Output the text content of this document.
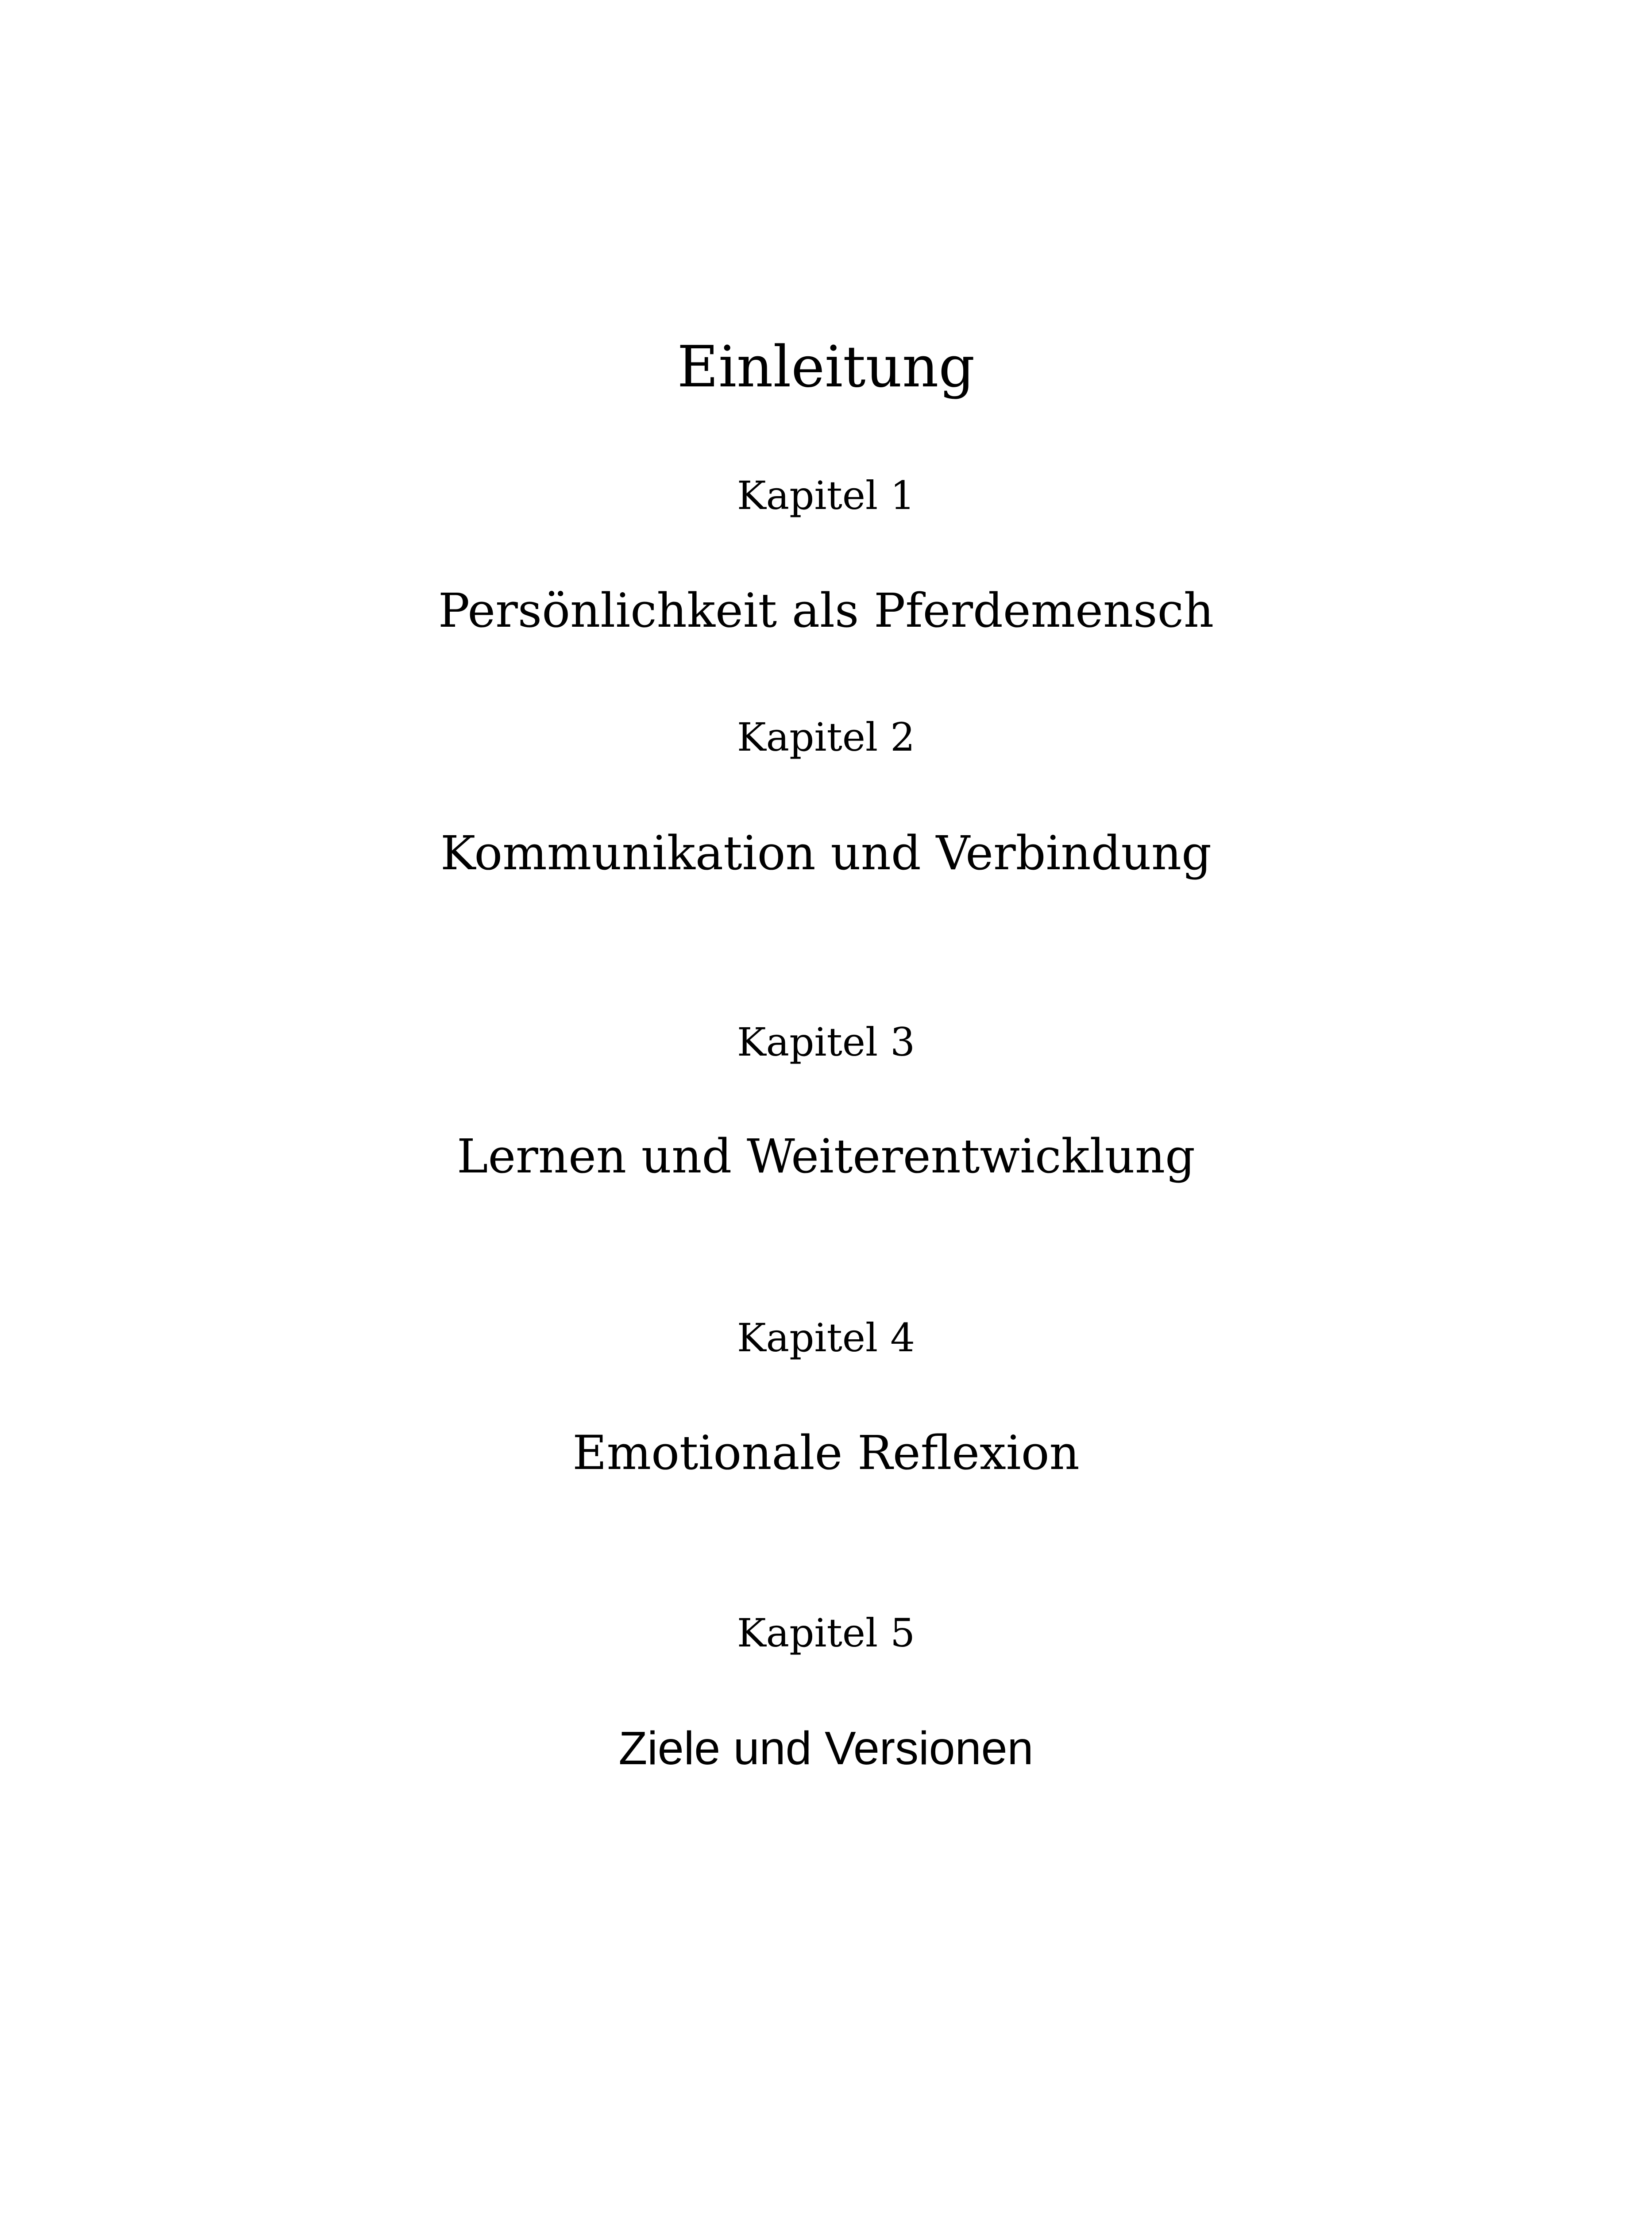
Einleitung
Kapitel 1
Persönlichkeit als Pferdemensch
Kapitel 2
Kommunikation und Verbindung
Kapitel 3
Lernen und Weiterentwicklung
Kapitel 4
Emotionale Reflexion
Kapitel 5
Ziele und Versionen
